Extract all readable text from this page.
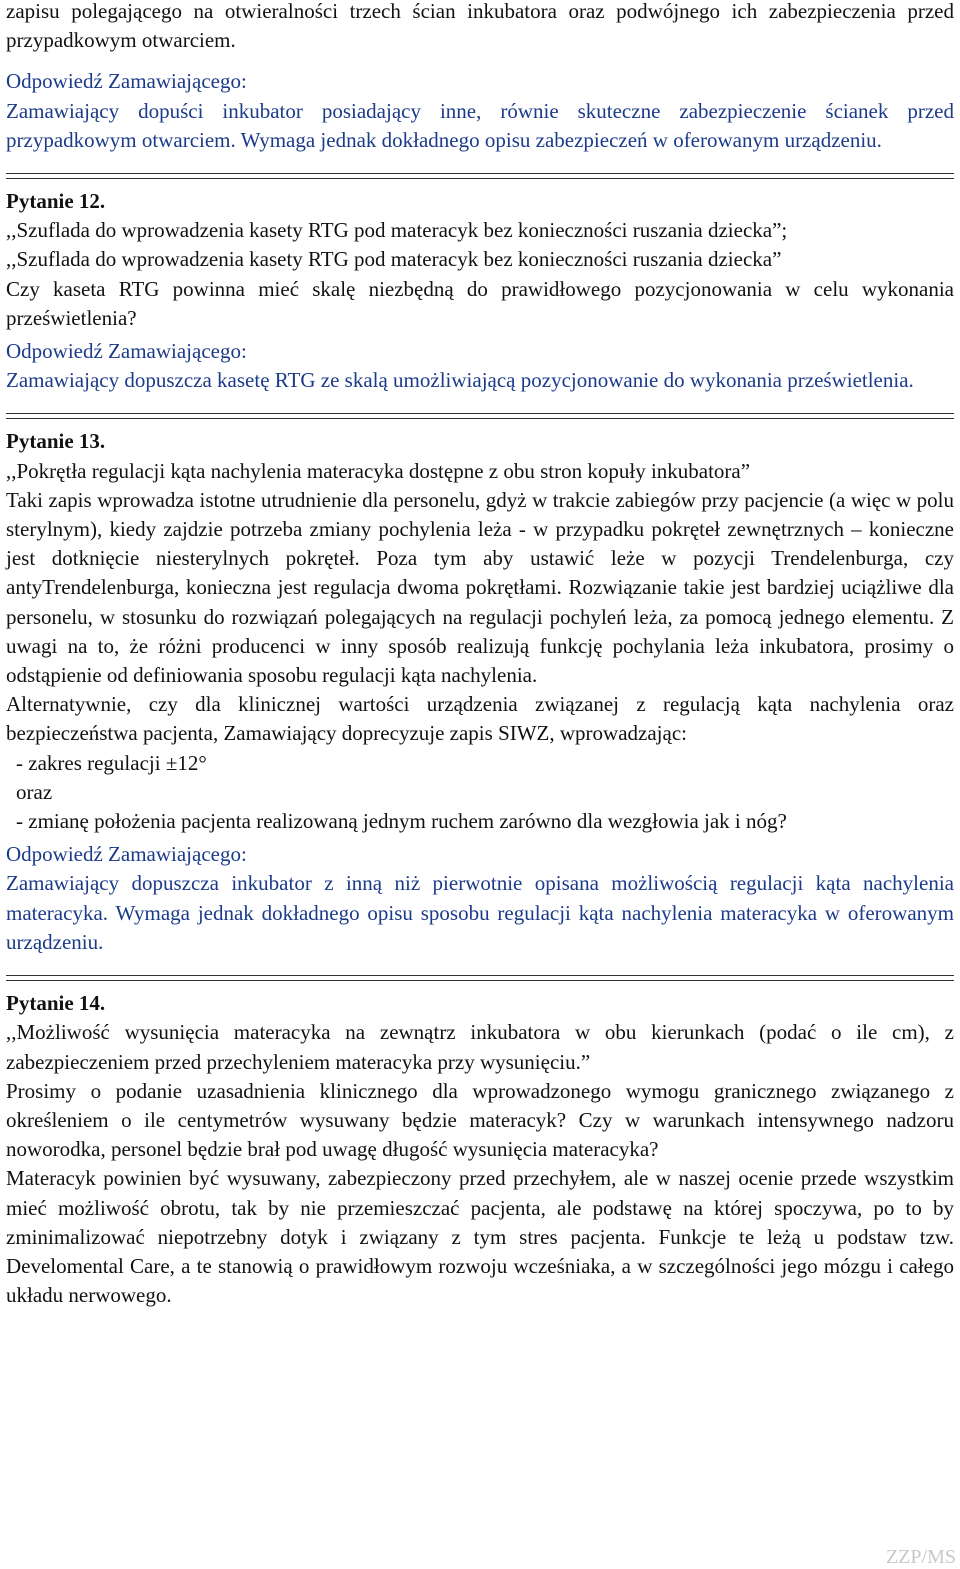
zapisu polegającego na otwieralności trzech ścian inkubatora oraz podwójnego ich zabezpieczenia przed przypadkowym otwarciem.

Odpowiedź Zamawiającego:

Zamawiający dopuści inkubator posiadający inne, równie skuteczne zabezpieczenie ścianek przed przypadkowym otwarciem. Wymaga jednak dokładnego opisu zabezpieczeń w oferowanym urządzeniu.

Pytanie 12.

,,Szuflada do wprowadzenia kasety RTG pod materacyk bez konieczności ruszania dziecka”;

,,Szuflada do wprowadzenia kasety RTG pod materacyk bez konieczności ruszania dziecka”

Czy kaseta RTG powinna mieć skalę niezbędną do prawidłowego pozycjonowania w celu wykonania prześwietlenia?

Odpowiedź Zamawiającego:

Zamawiający dopuszcza kasetę RTG ze skalą umożliwiającą pozycjonowanie do wykonania prześwietlenia.

Pytanie 13.

,,Pokrętła regulacji kąta nachylenia materacyka dostępne z obu stron kopuły inkubatora”

Taki zapis wprowadza istotne utrudnienie dla personelu, gdyż w trakcie zabiegów przy pacjencie (a więc w polu sterylnym), kiedy zajdzie potrzeba zmiany pochylenia leża - w przypadku pokręteł zewnętrznych – konieczne jest dotknięcie niesterylnych pokręteł. Poza tym aby ustawić leże w pozycji Trendelenburga, czy antyTrendelenburga, konieczna jest regulacja dwoma pokrętłami. Rozwiązanie takie jest bardziej uciążliwe dla personelu, w stosunku do rozwiązań polegających na regulacji pochyleń leża, za pomocą jednego elementu. Z uwagi na to, że różni producenci w inny sposób realizują funkcję pochylania leża inkubatora, prosimy o odstąpienie od definiowania sposobu regulacji kąta nachylenia.

Alternatywnie, czy dla klinicznej wartości urządzenia związanej z regulacją kąta nachylenia oraz bezpieczeństwa pacjenta, Zamawiający doprecyzuje zapis SIWZ, wprowadzając:

- zakres regulacji ±12°

oraz

- zmianę położenia pacjenta realizowaną jednym ruchem zarówno dla wezgłowia jak i nóg?

Odpowiedź Zamawiającego:

Zamawiający dopuszcza inkubator z inną niż pierwotnie opisana możliwością regulacji kąta nachylenia materacyka. Wymaga jednak dokładnego opisu sposobu regulacji kąta nachylenia materacyka w oferowanym urządzeniu.

Pytanie 14.

,,Możliwość wysunięcia materacyka na zewnątrz inkubatora w obu kierunkach (podać o ile cm), z zabezpieczeniem przed przechyleniem materacyka przy wysunięciu.”

Prosimy o podanie uzasadnienia klinicznego dla wprowadzonego wymogu granicznego związanego z określeniem o ile centymetrów wysuwany będzie materacyk? Czy w warunkach intensywnego nadzoru noworodka, personel będzie brał pod uwagę długość wysunięcia materacyka?

Materacyk powinien być wysuwany, zabezpieczony przed przechyłem, ale w naszej ocenie przede wszystkim mieć możliwość obrotu, tak by nie przemieszczać pacjenta, ale podstawę na której spoczywa, po to by zminimalizować niepotrzebny dotyk i związany z tym stres pacjenta. Funkcje te leżą u podstaw tzw. Develomental Care, a te stanowią o prawidłowym rozwoju wcześniaka, a w szczególności jego mózgu i całego układu nerwowego.

ZZP/MS
